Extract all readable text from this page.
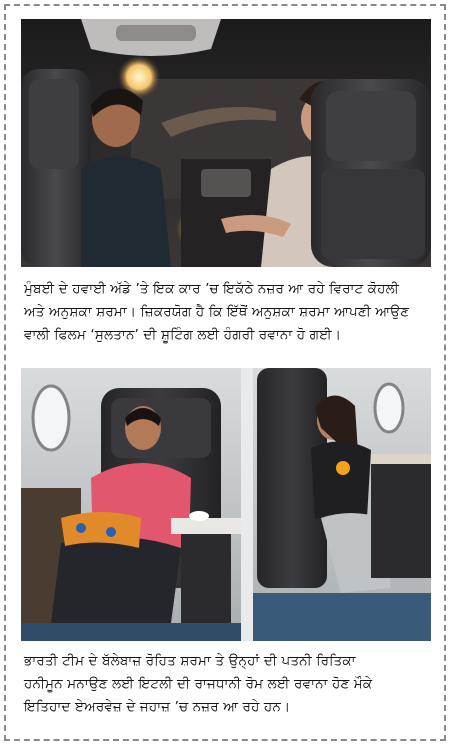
ਮੁੰਬਈ ਦੇ ਹਵਾਈ ਅੱਡੇ ’ਤੇ ਇਕ ਕਾਰ ’ਚ ਇਕੱਠੇ ਨਜ਼ਰ ਆ ਰਹੇ ਵਿਰਾਟ ਕੋਹਲੀ
ਅਤੇ ਅਨੁਸ਼ਕਾ ਸ਼ਰਮਾ। ਜ਼ਿਕਰਯੋਗ ਹੈ ਕਿ ਇੱਥੋਂ ਅਨੁਸ਼ਕਾ ਸ਼ਰਮਾ ਆਪਣੀ ਆਉਣ
ਵਾਲੀ ਫਿਲਮ ‘ਸੁਲਤਾਨ’ ਦੀ ਸ਼ੂਟਿੰਗ ਲਈ ਹੰਗਰੀ ਰਵਾਨਾ ਹੋ ਗਈ।
ਭਾਰਤੀ ਟੀਮ ਦੇ ਬੱਲੇਬਾਜ਼ ਰੋਹਿਤ ਸ਼ਰਮਾ ਤੇ ਉਨ੍ਹਾਂ ਦੀ ਪਤਨੀ ਰਿਤਿਕਾ
ਹਨੀਮੂਨ ਮਨਾਉਣ ਲਈ ਇਟਲੀ ਦੀ ਰਾਜਧਾਨੀ ਰੋਮ ਲਈ ਰਵਾਨਾ ਹੋਣ ਮੌਕੇ
ਇਤਿਹਾਦ ਏਅਰਵੇਜ਼ ਦੇ ਜਹਾਜ਼ ’ਚ ਨਜ਼ਰ ਆ ਰਹੇ ਹਨ।
